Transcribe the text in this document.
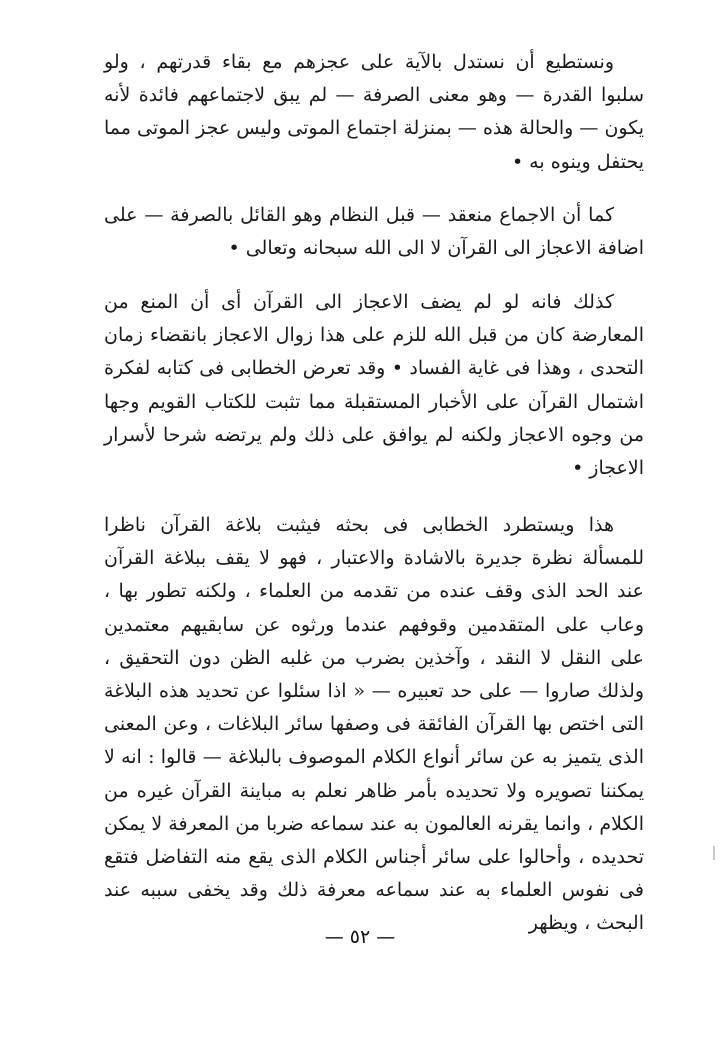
ونستطيع أن نستدل بالآية على عجزهم مع بقاء قدرتهم ، ولو سلبوا القدرة — وهو معنى الصرفة — لم يبق لاجتماعهم فائدة لأنه يكون — والحالة هذه — بمنزلة اجتماع الموتى وليس عجز الموتى مما يحتفل وينوه به •

كما أن الاجماع منعقد — قبل النظام وهو القائل بالصرفة — على اضافة الاعجاز الى القرآن لا الى الله سبحانه وتعالى •

كذلك فانه لو لم يضف الاعجاز الى القرآن أى أن المنع من المعارضة كان من قبل الله للزم على هذا زوال الاعجاز بانقضاء زمان التحدى ، وهذا فى غاية الفساد • وقد تعرض الخطابى فى كتابه لفكرة اشتمال القرآن على الأخبار المستقبلة مما تثبت للكتاب القويم وجها من وجوه الاعجاز ولكنه لم يوافق على ذلك ولم يرتضه شرحا لأسرار الاعجاز •

هذا ويستطرد الخطابى فى بحثه فيثبت بلاغة القرآن ناظرا للمسألة نظرة جديرة بالاشادة والاعتبار ، فهو لا يقف ببلاغة القرآن عند الحد الذى وقف عنده من تقدمه من العلماء ، ولكنه تطور بها ، وعاب على المتقدمين وقوفهم عندما ورثوه عن سابقيهم معتمدين على النقل لا النقد ، وآخذين بضرب من غلبه الظن دون التحقيق ، ولذلك صاروا — على حد تعبيره — « اذا سئلوا عن تحديد هذه البلاغة التى اختص بها القرآن الفائقة فى وصفها سائر البلاغات ، وعن المعنى الذى يتميز به عن سائر أنواع الكلام الموصوف بالبلاغة — قالوا : انه لا يمكننا تصويره ولا تحديده بأمر ظاهر نعلم به مباينة القرآن غيره من الكلام ، وانما يقرنه العالمون به عند سماعه ضربا من المعرفة لا يمكن تحديده ، وأحالوا على سائر أجناس الكلام الذى يقع منه التفاضل فتقع فى نفوس العلماء به عند سماعه معرفة ذلك وقد يخفى سببه عند البحث ، ويظهر

— ٥٢ —
